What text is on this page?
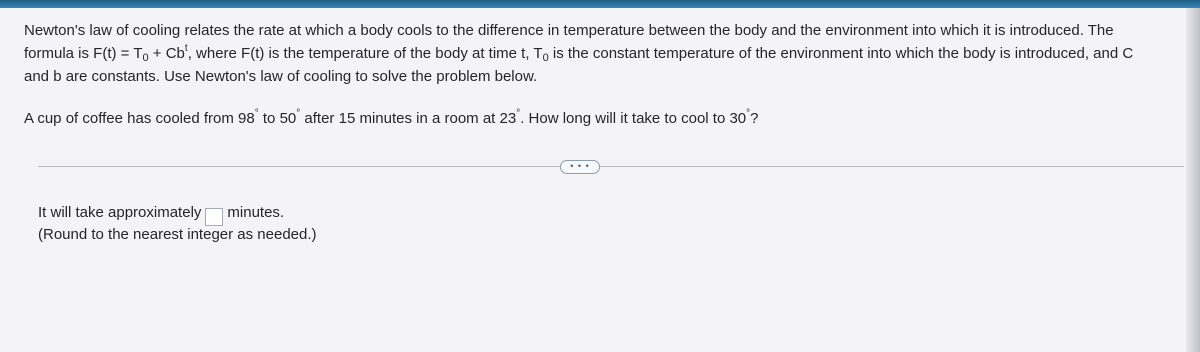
Newton's law of cooling relates the rate at which a body cools to the difference in temperature between the body and the environment into which it is introduced. The
formula is $F(t) = T_0 + Cb^t$, where F(t) is the temperature of the body at time t, $T_0$ is the constant temperature of the environment into which the body is introduced, and C
and b are constants. Use Newton's law of cooling to solve the problem below.
A cup of coffee has cooled from 98° to 50° after 15 minutes in a room at 23°. How long will it take to cool to 30°?
• • •
It will take approximately minutes.
(Round to the nearest integer as needed.)
